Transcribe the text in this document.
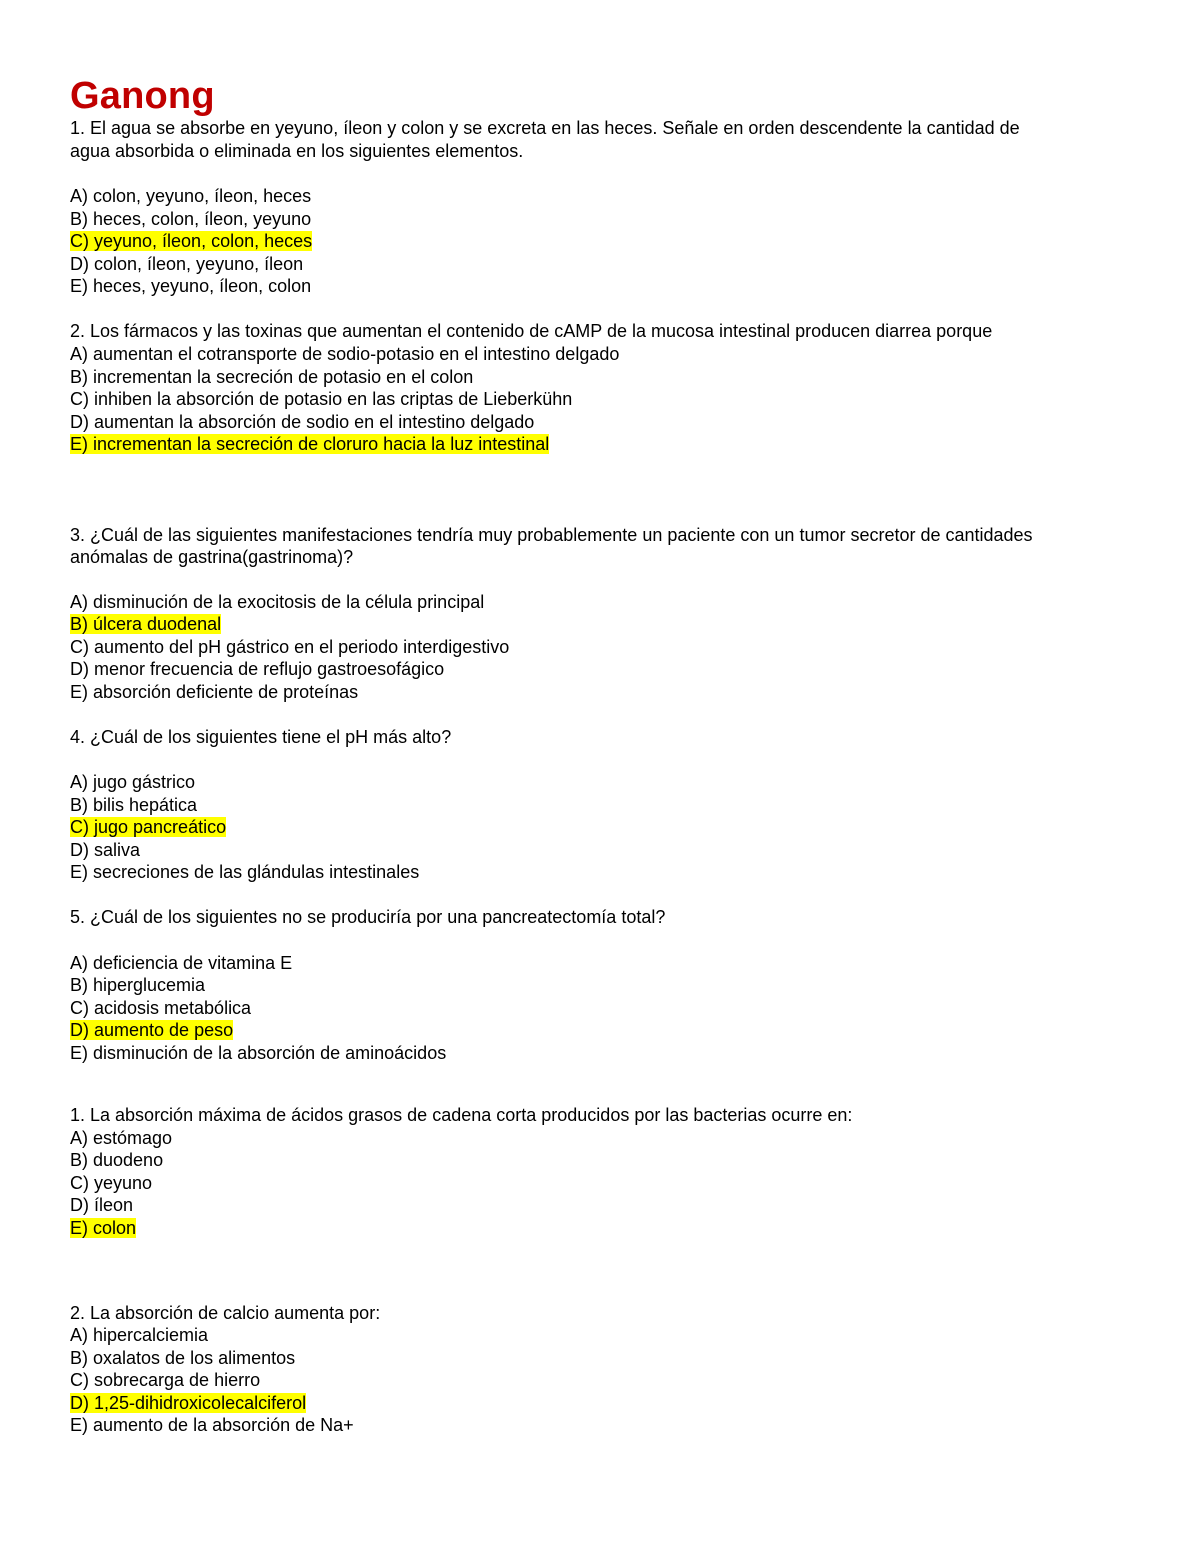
Ganong
1. El agua se absorbe en yeyuno, íleon y colon y se excreta en las heces. Señale en orden descendente la cantidad de
agua absorbida o eliminada en los siguientes elementos.
A) colon, yeyuno, íleon, heces
B) heces, colon, íleon, yeyuno
C) yeyuno, íleon, colon, heces
D) colon, íleon, yeyuno, íleon
E) heces, yeyuno, íleon, colon
2. Los fármacos y las toxinas que aumentan el contenido de cAMP de la mucosa intestinal producen diarrea porque
A) aumentan el cotransporte de sodio-potasio en el intestino delgado
B) incrementan la secreción de potasio en el colon
C) inhiben la absorción de potasio en las criptas de Lieberkühn
D) aumentan la absorción de sodio en el intestino delgado
E) incrementan la secreción de cloruro hacia la luz intestinal
3. ¿Cuál de las siguientes manifestaciones tendría muy probablemente un paciente con un tumor secretor de cantidades
anómalas de gastrina(gastrinoma)?
A) disminución de la exocitosis de la célula principal
B) úlcera duodenal
C) aumento del pH gástrico en el periodo interdigestivo
D) menor frecuencia de reflujo gastroesofágico
E) absorción deficiente de proteínas
4. ¿Cuál de los siguientes tiene el pH más alto?
A) jugo gástrico
B) bilis hepática
C) jugo pancreático
D) saliva
E) secreciones de las glándulas intestinales
5. ¿Cuál de los siguientes no se produciría por una pancreatectomía total?
A) deficiencia de vitamina E
B) hiperglucemia
C) acidosis metabólica
D) aumento de peso
E) disminución de la absorción de aminoácidos
1. La absorción máxima de ácidos grasos de cadena corta producidos por las bacterias ocurre en:
A) estómago
B) duodeno
C) yeyuno
D) íleon
E) colon
2. La absorción de calcio aumenta por:
A) hipercalciemia
B) oxalatos de los alimentos
C) sobrecarga de hierro
D) 1,25-dihidroxicolecalciferol
E) aumento de la absorción de Na+
